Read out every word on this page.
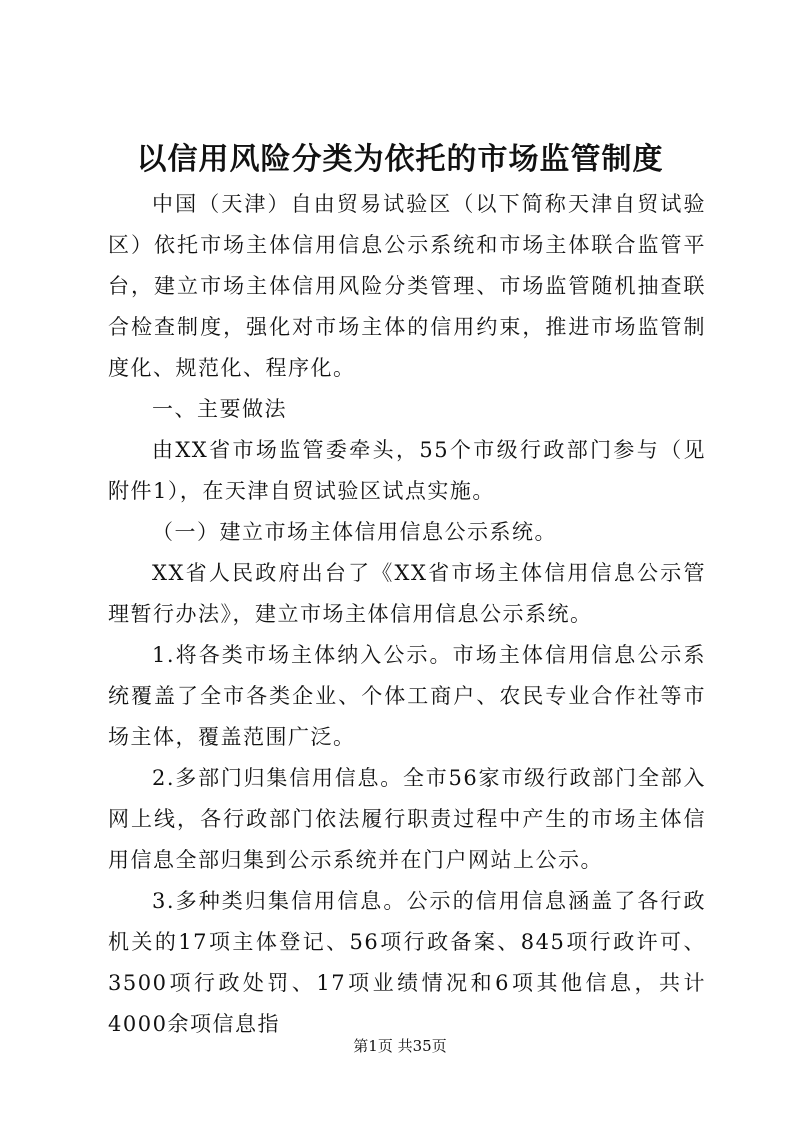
以信用风险分类为依托的市场监管制度

中国（天津）自由贸易试验区（以下简称天津自贸试验区）依托市场主体信用信息公示系统和市场主体联合监管平台，建立市场主体信用风险分类管理、市场监管随机抽查联合检查制度，强化对市场主体的信用约束，推进市场监管制度化、规范化、程序化。

一、主要做法

由XX省市场监管委牵头，55个市级行政部门参与（见附件1），在天津自贸试验区试点实施。

（一）建立市场主体信用信息公示系统。

XX省人民政府出台了《XX省市场主体信用信息公示管理暂行办法》，建立市场主体信用信息公示系统。

1.将各类市场主体纳入公示。市场主体信用信息公示系统覆盖了全市各类企业、个体工商户、农民专业合作社等市场主体，覆盖范围广泛。

2.多部门归集信用信息。全市56家市级行政部门全部入网上线，各行政部门依法履行职责过程中产生的市场主体信用信息全部归集到公示系统并在门户网站上公示。

3.多种类归集信用信息。公示的信用信息涵盖了各行政机关的17项主体登记、56项行政备案、845项行政许可、3500项行政处罚、17项业绩情况和6项其他信息，共计4000余项信息指

第1页 共35页
